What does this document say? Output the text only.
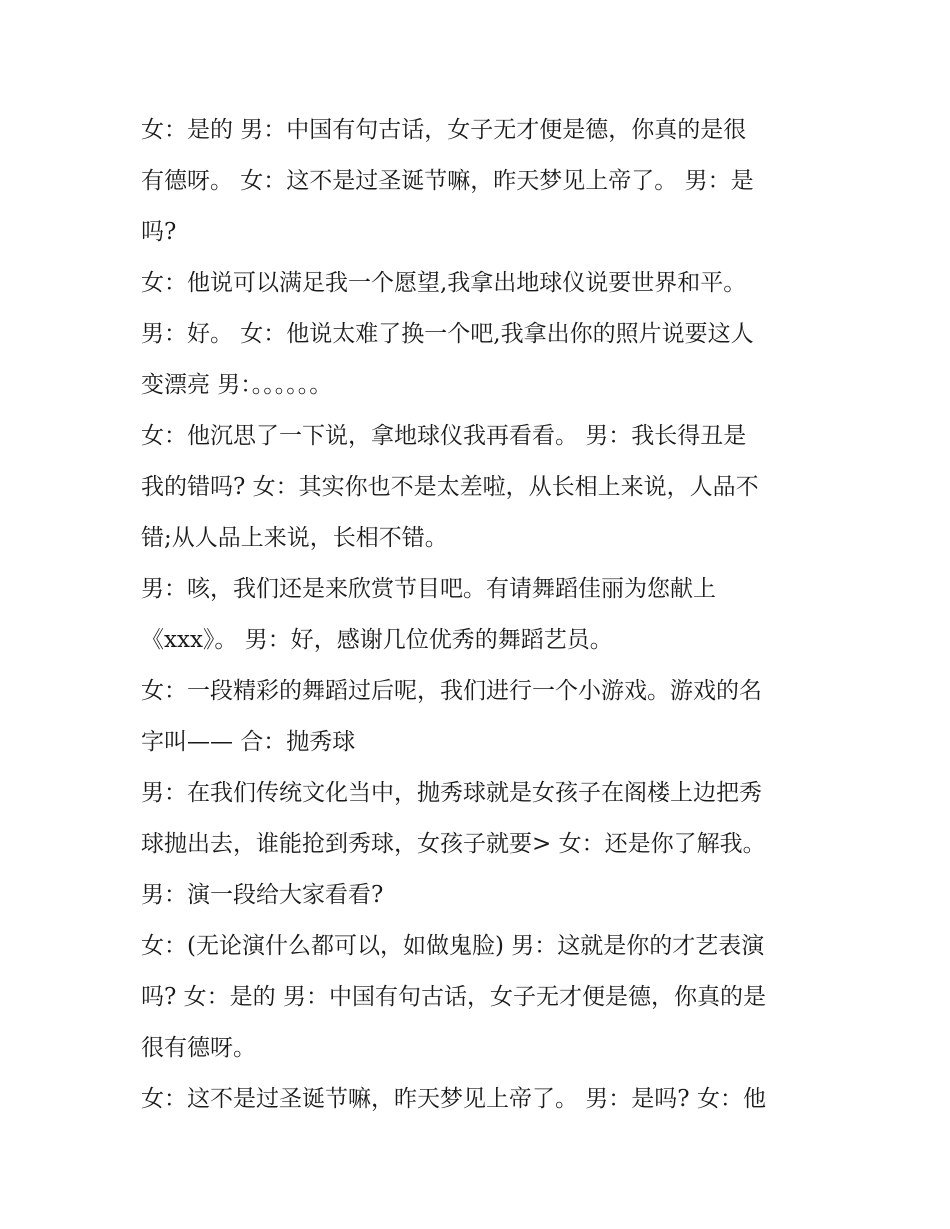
女：是的 男：中国有句古话，女子无才便是德，你真的是很
有德呀。 女：这不是过圣诞节嘛，昨天梦见上帝了。 男：是
吗?
女：他说可以满足我一个愿望,我拿出地球仪说要世界和平。
男：好。 女：他说太难了换一个吧,我拿出你的照片说要这人
变漂亮 男：。。。。。。
女：他沉思了一下说，拿地球仪我再看看。 男：我长得丑是
我的错吗? 女：其实你也不是太差啦，从长相上来说，人品不
错;从人品上来说，长相不错。
男：咳，我们还是来欣赏节目吧。有请舞蹈佳丽为您献上
《xxx》。 男：好，感谢几位优秀的舞蹈艺员。
女：一段精彩的舞蹈过后呢，我们进行一个小游戏。游戏的名
字叫—— 合：抛秀球
男：在我们传统文化当中，抛秀球就是女孩子在阁楼上边把秀
球抛出去，谁能抢到秀球，女孩子就要> 女：还是你了解我。
男：演一段给大家看看?
女：(无论演什么都可以，如做鬼脸) 男：这就是你的才艺表演
吗? 女：是的 男：中国有句古话，女子无才便是德，你真的是
很有德呀。
女：这不是过圣诞节嘛，昨天梦见上帝了。 男：是吗? 女：他
